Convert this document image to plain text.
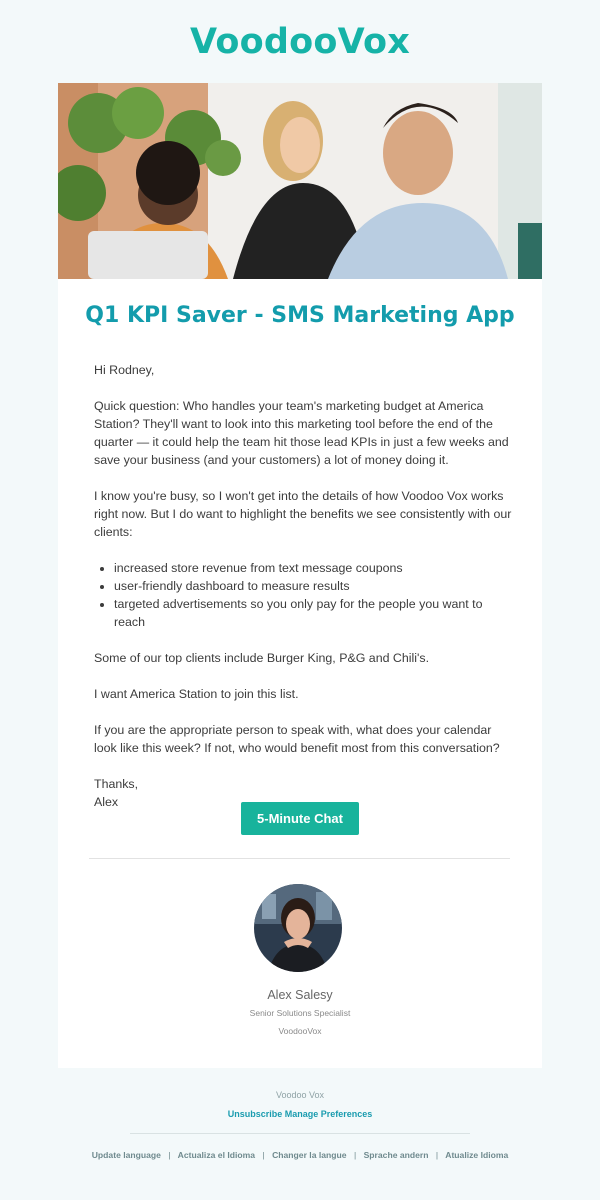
VoodooVox
Q1 KPI Saver - SMS Marketing App

Hi Rodney,

Quick question: Who handles your team's marketing budget at America Station? They'll want to look into this marketing tool before the end of the quarter — it could help the team hit those lead KPIs in just a few weeks and save your business (and your customers) a lot of money doing it.

I know you're busy, so I won't get into the details of how Voodoo Vox works right now. But I do want to highlight the benefits we see consistently with our clients:

• increased store revenue from text message coupons
• user-friendly dashboard to measure results
• targeted advertisements so you only pay for the people you want to reach

Some of our top clients include Burger King, P&G and Chili's.

I want America Station to join this list.

If you are the appropriate person to speak with, what does your calendar look like this week? If not, who would benefit most from this conversation?

Thanks,
Alex

5-Minute Chat
Alex Salesy
Senior Solutions Specialist
VoodooVox
Voodoo Vox
Unsubscribe Manage Preferences
Update language | Actualiza el Idioma | Changer la langue | Sprache andern | Atualize Idioma
